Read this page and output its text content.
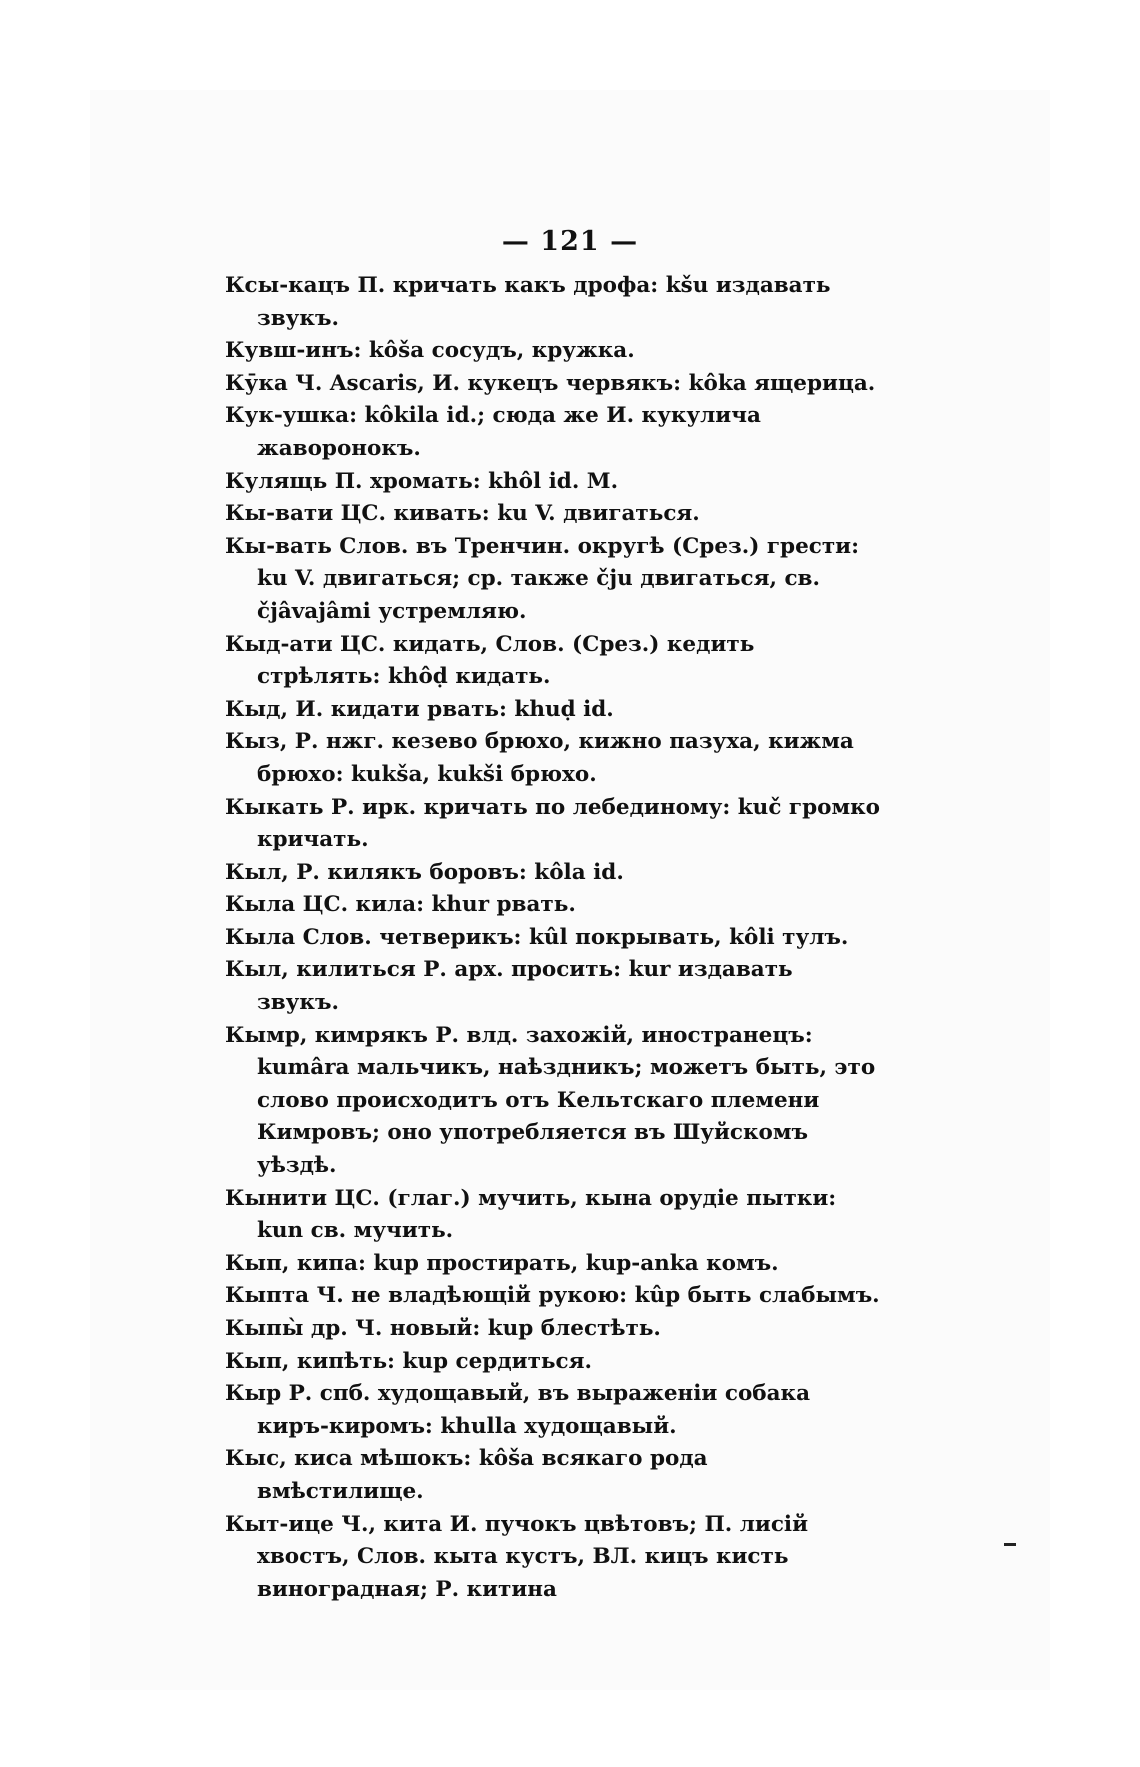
— 121 —
Ксы-кацъ П. кричать какъ дрофа: kšu издавать звукъ.
Кувш-инъ: kôša сосудъ, кружка.
Кӯка Ч. Ascaris, И. кукецъ червякъ: kôka ящерица.
Кук-ушка: kôkila id.; сюда же И. кукулича жаворонокъ.
Кулящь П. хромать: khôl id. M.
Кы-вати ЦС. кивать: ku V. двигаться.
Кы-вать Слов. въ Тренчин. округѣ (Срез.) грести: ku V. двигаться; ср. также čju двигаться, св. čjâvajâmi устремляю.
Кыд-ати ЦС. кидать, Слов. (Срез.) кедить стрѣлять: khôḍ кидать.
Кыд, И. кидати рвать: khuḍ id.
Кыз, Р. нжг. кезево брюхо, кижно пазуха, кижма брюхо: kukša, kukši брюхо.
Кыкать Р. ирк. кричать по лебединому: kuč громко кричать.
Кыл, Р. килякъ боровъ: kôla id.
Кыла ЦС. кила: khur рвать.
Кыла Слов. четверикъ: kûl покрывать, kôli тулъ.
Кыл, килиться Р. арх. просить: kur издавать звукъ.
Кымр, кимрякъ Р. влд. захожій, иностранецъ: kumâra мальчикъ, наѣздникъ; можетъ быть, это слово происходитъ отъ Кельтскаго племени Кимровъ; оно употребляется въ Шуйскомъ уѣздѣ.
Кынити ЦС. (глаг.) мучить, кына орудіе пытки: kun св. мучить.
Кып, кипа: kup простирать, kup-anka комъ.
Кыпта Ч. не владѣющій рукою: kûp быть слабымъ.
Кыпы̀ др. Ч. новый: kup блестѣть.
Кып, кипѣть: kup сердиться.
Кыр Р. спб. худощавый, въ выраженіи собака киръ-киромъ: khulla худощавый.
Кыс, киса мѣшокъ: kôša всякаго рода вмѣстилище.
Кыт-ице Ч., кита И. пучокъ цвѣтовъ; П. лисій хвостъ, Слов. кыта кустъ, ВЛ. кицъ кисть виноградная; Р. китина
